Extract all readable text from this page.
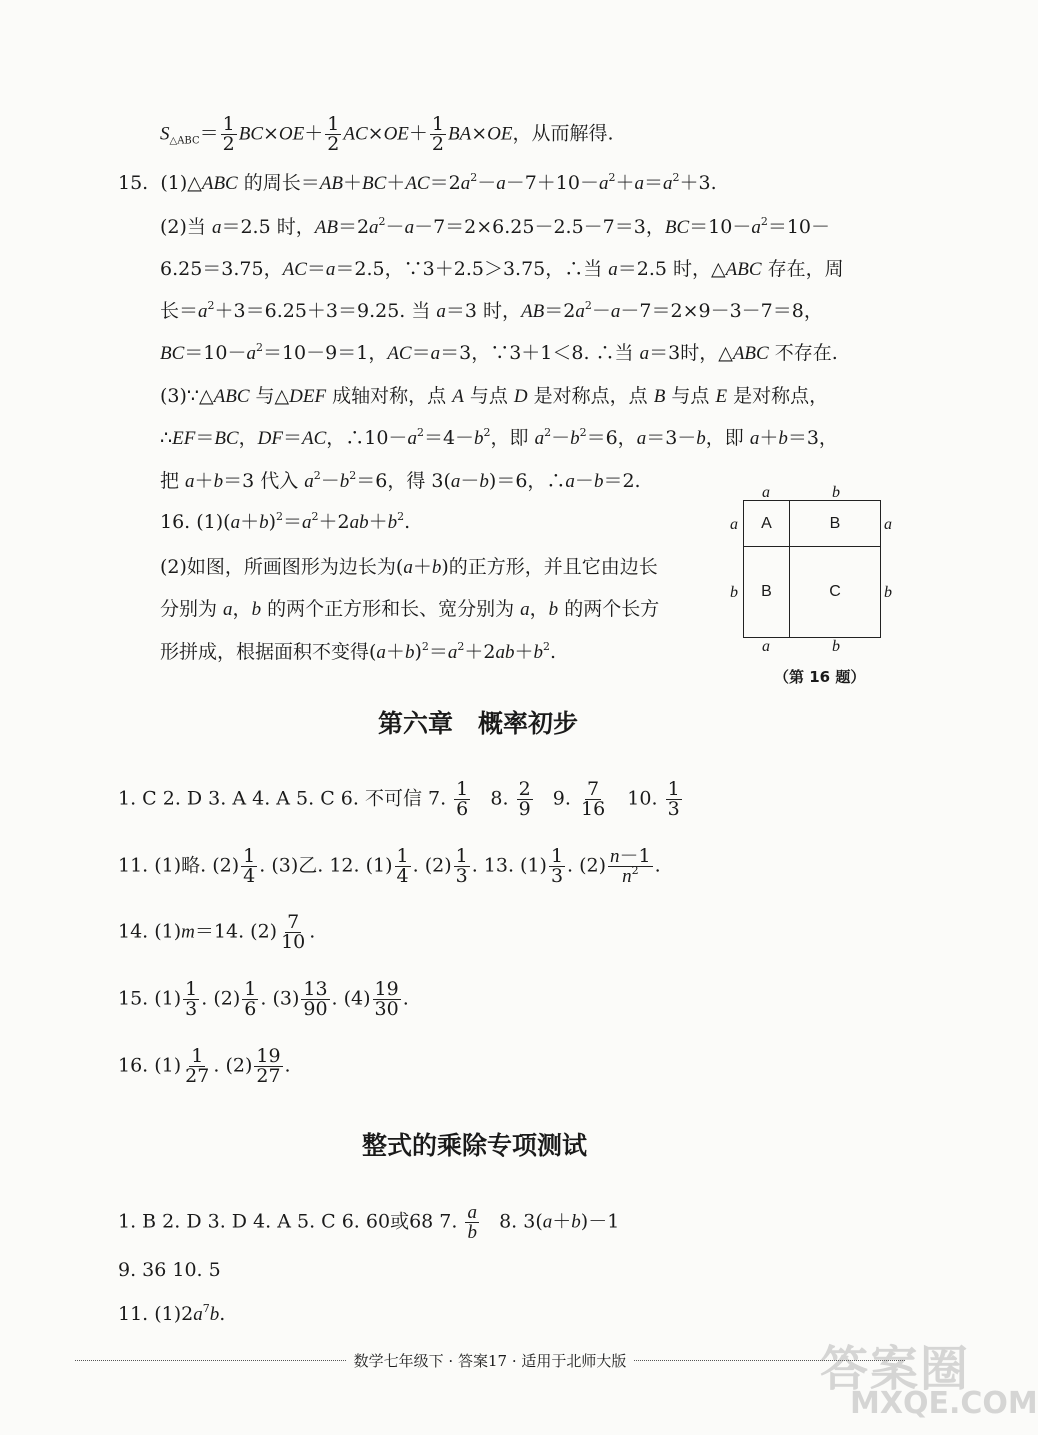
$S_{\triangle ABC}= \frac{1}{2} BC\times OE+ \frac{1}{2} AC\times OE+ \frac{1}{2} BA\times OE$，从而解得.
15. (1)△ABC 的周长$=AB+BC+AC=2a^2-a-7+10-a^2+a=a^2+3$.
(2)当 a＝2.5 时，$AB=2a^2-a-7=2\times 6.25-2.5-7=3$，$BC=10-a^2=10-$
6.25＝3.75，AC＝a＝2.5，∵3＋2.5＞3.75，∴当 a＝2.5 时，△ABC 存在，周
长$=a^2+3=6.25+3=9.25$. 当 a＝3 时，$AB=2a^2-a-7=2\times 9-3-7=8$，
$BC=10-a^2=10-9=1$，AC＝a＝3，∵3＋1＜8. ∴当 a＝3时，△ABC 不存在.
(3)∵△ABC 与△DEF 成轴对称，点 A 与点 D 是对称点，点 B 与点 E 是对称点，
∴EF＝BC，DF＝AC，$\therefore 10-a^2=4-b^2$，即 $a^2-b^2=6$，a＝3－b，即 a＋b＝3，
把 a＋b＝3 代入 $a^2-b^2=6$，得 3(a－b)＝6，∴a－b＝2.
16. $(1)(a+b)^2=a^2+2ab+b^2$.
(2)如图，所画图形为边长为(a＋b)的正方形，并且它由边长
分别为 a，b 的两个正方形和长、宽分别为 a，b 的两个长方
形拼成，根据面积不变得$(a+b)^2=a^2+2ab+b^2$.
a	b
a
b
a
b
a	b
A	B
B	C
（第 16 题）
第六章　概率初步
1. C 2. D 3. A 4. A 5. C 6. 不可信 7. $\frac{1}{6} 8$. $\frac{2}{9} 9$. $\frac{7}{16} 10$. $\frac{1}{3}$
11. (1)略. $(2) \frac{1}{4}$ . (3)乙. 12. $(1) \frac{1}{4}$ . $(2) \frac{1}{3}$ . 13. $(1) \frac{1}{3}$ . $(2) \frac{n-1}{n^2}$ .
14. (1)m＝14. $(2) \frac{7}{10}$ .
15. $(1) \frac{1}{3}$ . $(2) \frac{1}{6}$ . $(3) \frac{13}{90}$ . $(4) \frac{19}{30}$ .
16. $(1) \frac{1}{27}$ . $(2) \frac{19}{27}$ .
整式的乘除专项测试
1. B 2. D 3. D 4. A 5. C 6. 60或68 7. $\frac{a}{b} 8$. 3(a＋b)－1
9. 36 10. 5
11. $(1)2a^7b$.
数学七年级下 · 答案17 · 适用于北师大版	答案圈
MXQE.COM
